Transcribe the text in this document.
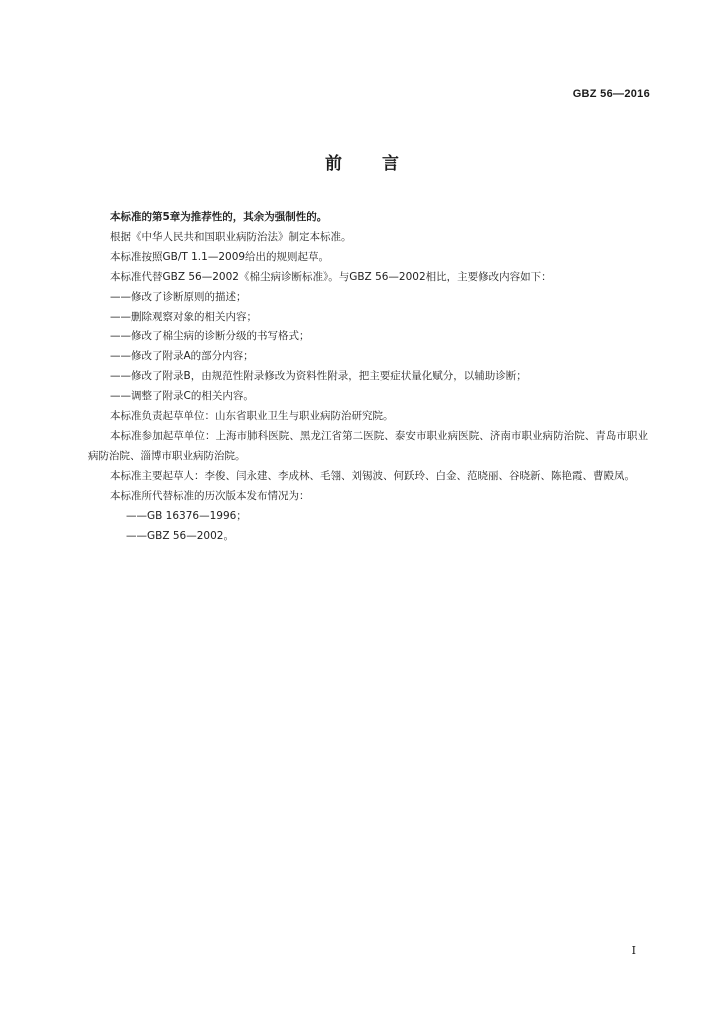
GBZ 56—2016
前言

本标准的第5章为推荐性的，其余为强制性的。

根据《中华人民共和国职业病防治法》制定本标准。

本标准按照GB/T 1.1—2009给出的规则起草。

本标准代替GBZ 56—2002《棉尘病诊断标准》。与GBZ 56—2002相比，主要修改内容如下：

——修改了诊断原则的描述；

——删除观察对象的相关内容；

——修改了棉尘病的诊断分级的书写格式；

——修改了附录A的部分内容；

——修改了附录B，由规范性附录修改为资料性附录，把主要症状量化赋分，以辅助诊断；

——调整了附录C的相关内容。

本标准负责起草单位：山东省职业卫生与职业病防治研究院。

本标准参加起草单位：上海市肺科医院、黑龙江省第二医院、泰安市职业病医院、济南市职业病防治院、青岛市职业病防治院、淄博市职业病防治院。

本标准主要起草人：李俊、闫永建、李成林、毛翎、刘锡波、何跃玲、白金、范晓丽、谷晓新、陈艳霞、曹殿凤。

本标准所代替标准的历次版本发布情况为：

——GB 16376—1996；

——GBZ 56—2002。

I
